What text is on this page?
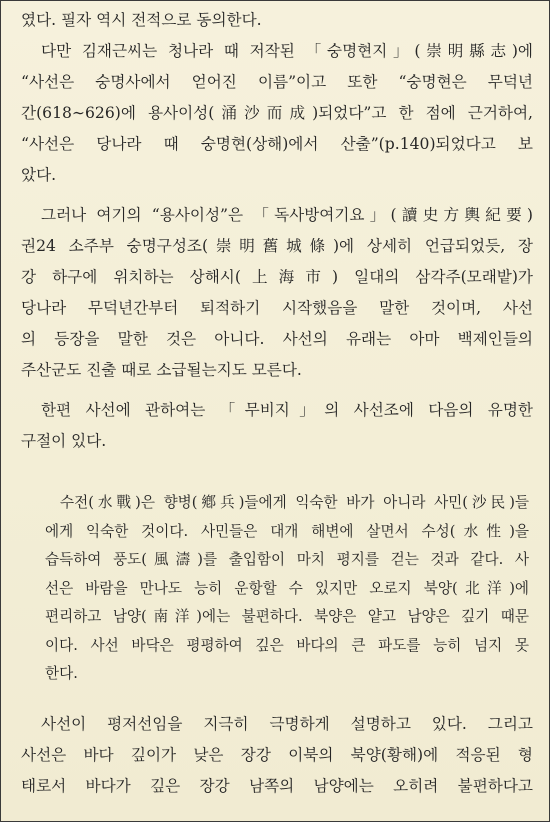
였다. 필자 역시 전적으로 동의한다.
다만 김재근씨는 청나라 때 저작된 「숭명현지」(崇明縣志)에
“사선은 숭명사에서 얻어진 이름”이고 또한 “숭명현은 무덕년
간(618∼626)에 용사이성(涌沙而成)되었다”고 한 점에 근거하여,
“사선은 당나라 때 숭명현(상해)에서 산출”(p.140)되었다고 보
았다.
그러나 여기의 “용사이성”은 「독사방여기요」(讀史方輿紀要)
권24 소주부 숭명구성조(崇明舊城條)에 상세히 언급되었듯, 장
강 하구에 위치하는 상해시(上海市) 일대의 삼각주(모래밭)가
당나라 무덕년간부터 퇴적하기 시작했음을 말한 것이며, 사선
의 등장을 말한 것은 아니다. 사선의 유래는 아마 백제인들의
주산군도 진출 때로 소급될는지도 모른다.
한편 사선에 관하여는 「무비지」의 사선조에 다음의 유명한
구절이 있다.
수전(水戰)은 향병(鄕兵)들에게 익숙한 바가 아니라 사민(沙民)들
에게 익숙한 것이다. 사민들은 대개 해변에 살면서 수성(水性)을
습득하여 풍도(風濤)를 출입함이 마치 평지를 걷는 것과 같다. 사
선은 바람을 만나도 능히 운항할 수 있지만 오로지 북양(北洋)에
편리하고 남양(南洋)에는 불편하다. 북양은 얕고 남양은 깊기 때문
이다. 사선 바닥은 평평하여 깊은 바다의 큰 파도를 능히 넘지 못
한다.
사선이 평저선임을 지극히 극명하게 설명하고 있다. 그리고
사선은 바다 깊이가 낮은 장강 이북의 북양(황해)에 적응된 형
태로서 바다가 깊은 장강 남쪽의 남양에는 오히려 불편하다고
